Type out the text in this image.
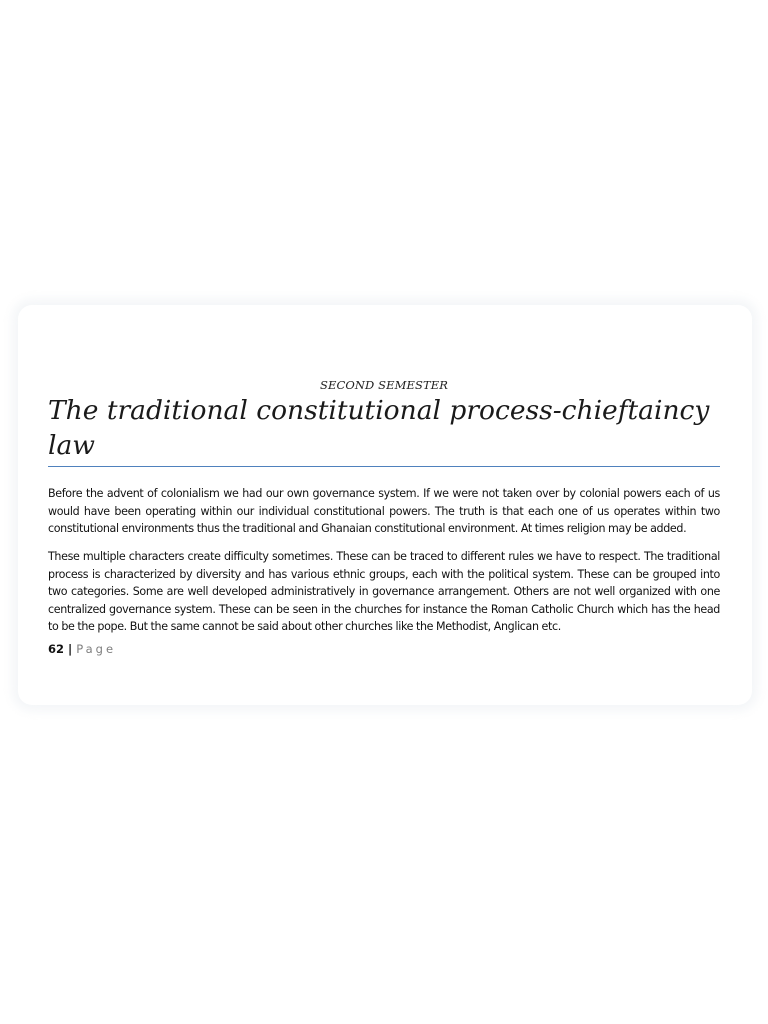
SECOND SEMESTER
The traditional constitutional process-chieftaincy law

Before the advent of colonialism we had our own governance system. If we were not taken over by colonial powers each of us would have been operating within our individual constitutional powers. The truth is that each one of us operates within two constitutional environments thus the traditional and Ghanaian constitutional environment. At times religion may be added.

These multiple characters create difficulty sometimes. These can be traced to different rules we have to respect. The traditional process is characterized by diversity and has various ethnic groups, each with the political system. These can be grouped into two categories. Some are well developed administratively in governance arrangement. Others are not well organized with one centralized governance system. These can be seen in the churches for instance the Roman Catholic Church which has the head to be the pope. But the same cannot be said about other churches like the Methodist, Anglican etc.

62 | Page
